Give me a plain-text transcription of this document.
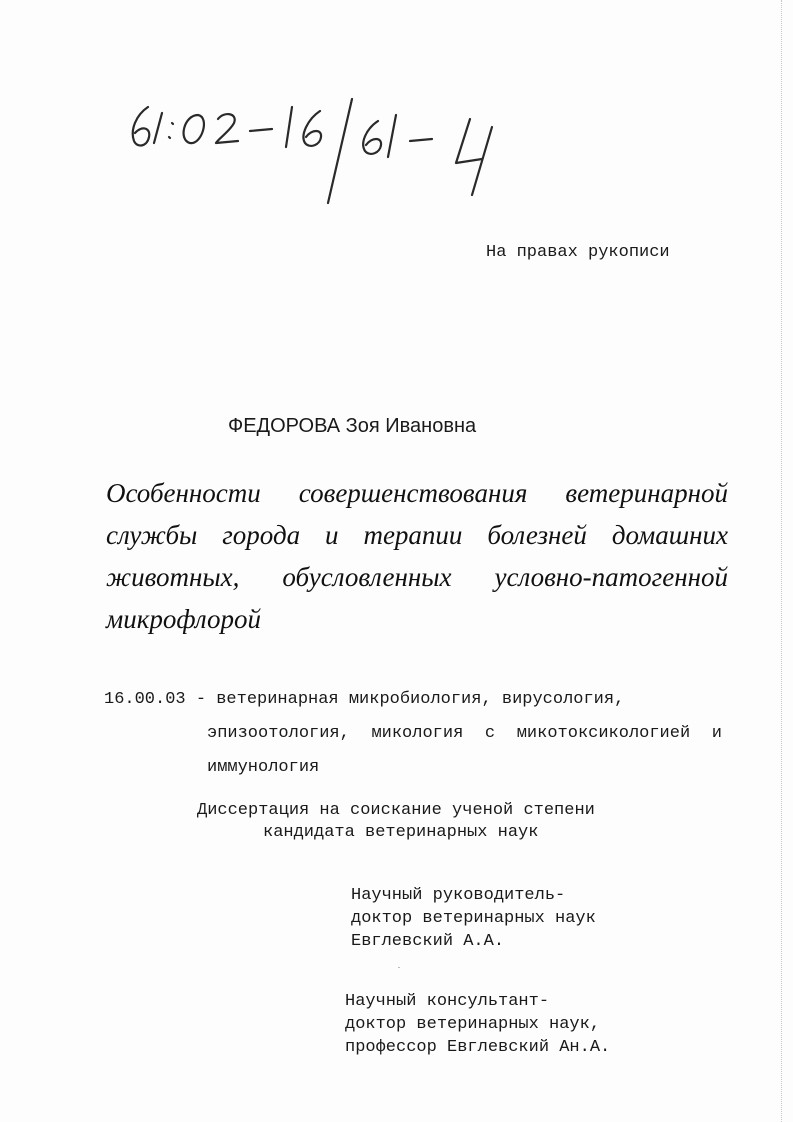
На правах рукописи
ФЕДОРОВА Зоя Ивановна
Особенности совершенствования ветеринарной
службы города и терапии болезней домашних
животных, обусловленных условно-патогенной
микрофлорой
16.00.03 - ветеринарная микробиология, вирусология,
эпизоотология, микология с микотоксикологией и
иммунология
Диссертация на соискание ученой степени
кандидата ветеринарных наук
Научный руководитель-
доктор ветеринарных наук
Евглевский А.А.
Научный консультант-
доктор ветеринарных наук,
профессор Евглевский Ан.А.
